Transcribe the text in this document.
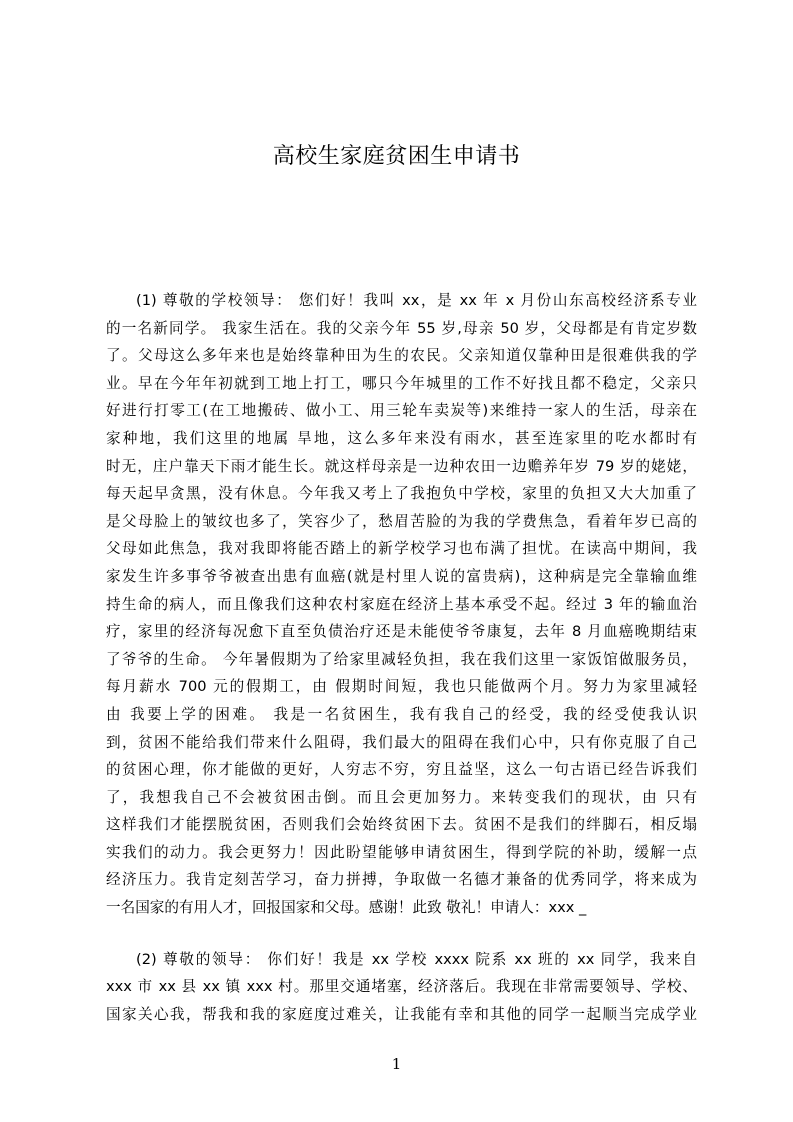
高校生家庭贫困生申请书
(1) 尊敬的学校领导： 您们好！我叫 xx，是 xx 年 x 月份山东高校经济系专业
的一名新同学。 我家生活在。我的父亲今年 55 岁,母亲 50 岁，父母都是有肯定岁数
了。父母这么多年来也是始终靠种田为生的农民。父亲知道仅靠种田是很难供我的学
业。早在今年年初就到工地上打工，哪只今年城里的工作不好找且都不稳定，父亲只
好进行打零工(在工地搬砖、做小工、用三轮车卖炭等)来维持一家人的生活，母亲在
家种地，我们这里的地属 旱地，这么多年来没有雨水，甚至连家里的吃水都时有
时无，庄户靠天下雨才能生长。就这样母亲是一边种农田一边赡养年岁 79 岁的姥姥，
每天起早贪黑，没有休息。今年我又考上了我抱负中学校，家里的负担又大大加重了
是父母脸上的皱纹也多了，笑容少了，愁眉苦脸的为我的学费焦急，看着年岁已高的
父母如此焦急，我对我即将能否踏上的新学校学习也布满了担忧。在读高中期间，我
家发生许多事爷爷被查出患有血癌(就是村里人说的富贵病)，这种病是完全靠输血维
持生命的病人，而且像我们这种农村家庭在经济上基本承受不起。经过 3 年的输血治
疗，家里的经济每况愈下直至负债治疗还是未能使爷爷康复，去年 8 月血癌晚期结束
了爷爷的生命。 今年暑假期为了给家里减轻负担，我在我们这里一家饭馆做服务员，
每月薪水 700 元的假期工，由 假期时间短，我也只能做两个月。努力为家里减轻
由 我要上学的困难。 我是一名贫困生，我有我自己的经受，我的经受使我认识
到，贫困不能给我们带来什么阻碍，我们最大的阻碍在我们心中，只有你克服了自己
的贫困心理，你才能做的更好，人穷志不穷，穷且益坚，这么一句古语已经告诉我们
了，我想我自己不会被贫困击倒。而且会更加努力。来转变我们的现状，由 只有
这样我们才能摆脱贫困，否则我们会始终贫困下去。贫困不是我们的绊脚石，相反塌
实我们的动力。我会更努力！因此盼望能够申请贫困生，得到学院的补助，缓解一点
经济压力。我肯定刻苦学习，奋力拼搏，争取做一名德才兼备的优秀同学，将来成为
一名国家的有用人才，回报国家和父母。感谢！此致 敬礼！申请人：xxx _
(2) 尊敬的领导： 你们好！我是 xx 学校 xxxx 院系 xx 班的 xx 同学，我来自
xxx 市 xx 县 xx 镇 xxx 村。那里交通堵塞，经济落后。我现在非常需要领导、学校、
国家关心我，帮我和我的家庭度过难关，让我能有幸和其他的同学一起顺当完成学业
1
